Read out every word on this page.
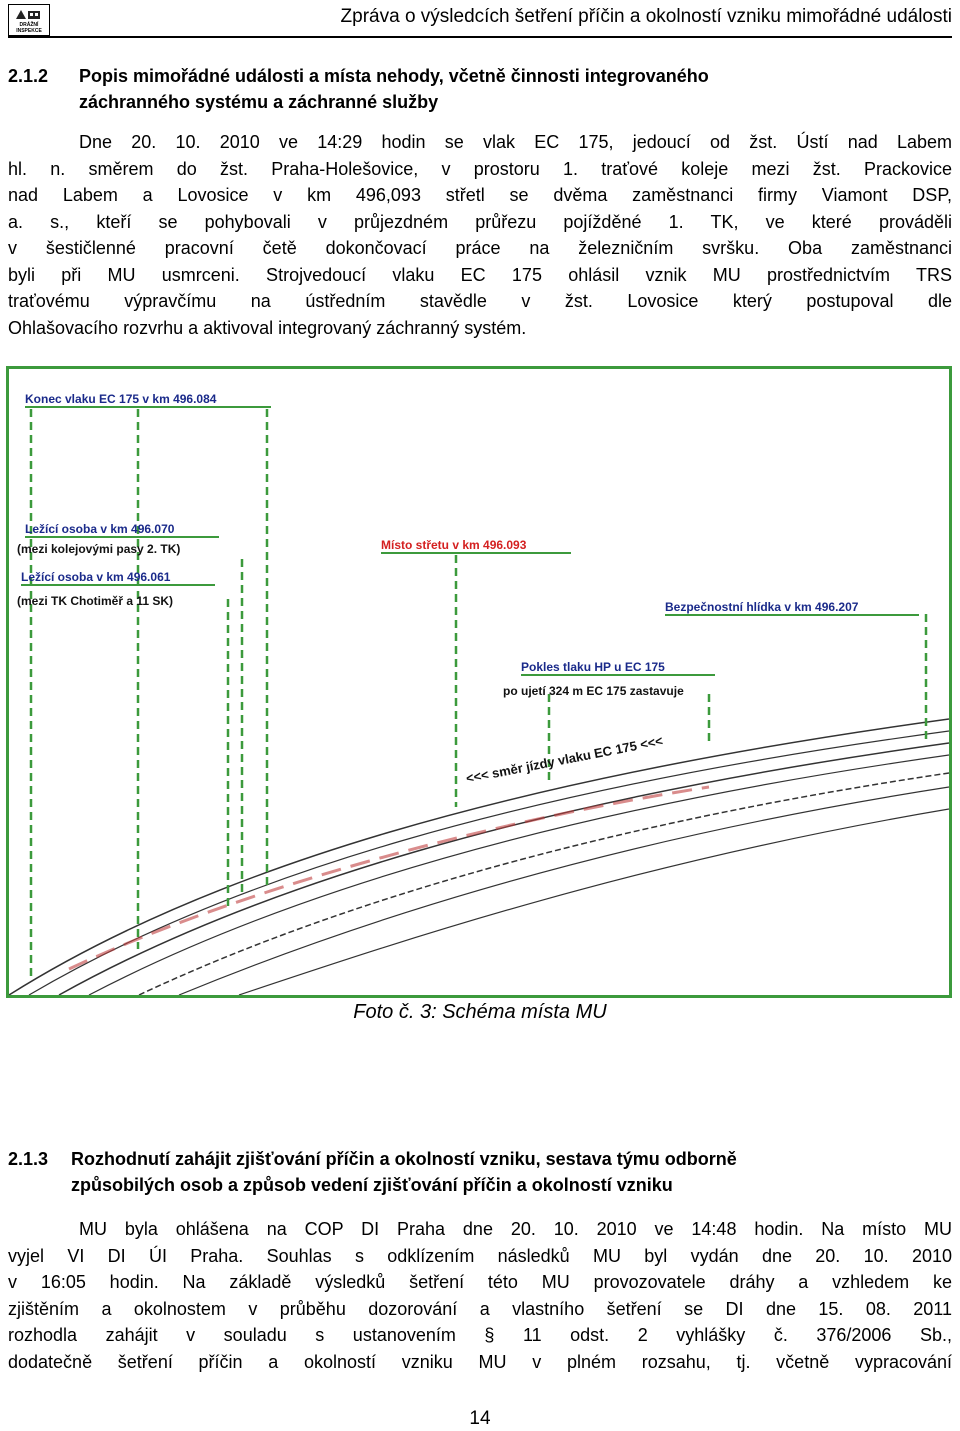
DRÁŽNÍ INSPEKCE
Zpráva o výsledcích šetření příčin a okolností vzniku mimořádné události
2.1.2 Popis mimořádné události a místa nehody, včetně činnosti integrovaného
záchranného systému a záchranné služby
Dne 20. 10. 2010 ve 14:29 hodin se vlak EC 175, jedoucí od žst. Ústí nad Labem
hl. n. směrem do žst. Praha-Holešovice, v prostoru 1. traťové koleje mezi žst. Prackovice
nad Labem a Lovosice v km 496,093 střetl se dvěma zaměstnanci firmy Viamont DSP,
a. s., kteří se pohybovali v průjezdném průřezu pojížděné 1. TK, ve které prováděli
v šestičlenné pracovní četě dokončovací práce na železničním svršku. Oba zaměstnanci
byli při MU usmrceni. Strojvedoucí vlaku EC 175 ohlásil vznik MU prostřednictvím TRS
traťovému výpravčímu na ústředním stavědle v žst. Lovosice který postupoval dle
Ohlašovacího rozvrhu a aktivoval integrovaný záchranný systém.
Konec vlaku EC 175 v km 496.084
Ležící osoba v km 496.070
(mezi kolejovými pasy 2. TK)
Ležící osoba v km 496.061
(mezi TK Chotiměř a 11 SK)
Místo střetu v km 496.093
Bezpečnostní hlídka v km 496.207
Pokles tlaku HP u EC 175
po ujetí 324 m EC 175 zastavuje
<<< směr jízdy vlaku EC 175 <<<
Foto č. 3: Schéma místa MU
2.1.3 Rozhodnutí zahájit zjišťování příčin a okolností vzniku, sestava týmu odborně
způsobilých osob a způsob vedení zjišťování příčin a okolností vzniku
MU byla ohlášena na COP DI Praha dne 20. 10. 2010 ve 14:48 hodin. Na místo MU
vyjel VI DI ÚI Praha. Souhlas s odklízením následků MU byl vydán dne 20. 10. 2010
v 16:05 hodin. Na základě výsledků šetření této MU provozovatele dráhy a vzhledem ke
zjištěním a okolnostem v průběhu dozorování a vlastního šetření se DI dne 15. 08. 2011
rozhodla zahájit v souladu s ustanovením § 11 odst. 2 vyhlášky č. 376/2006 Sb.,
dodatečně šetření příčin a okolností vzniku MU v plném rozsahu, tj. včetně vypracování
14
